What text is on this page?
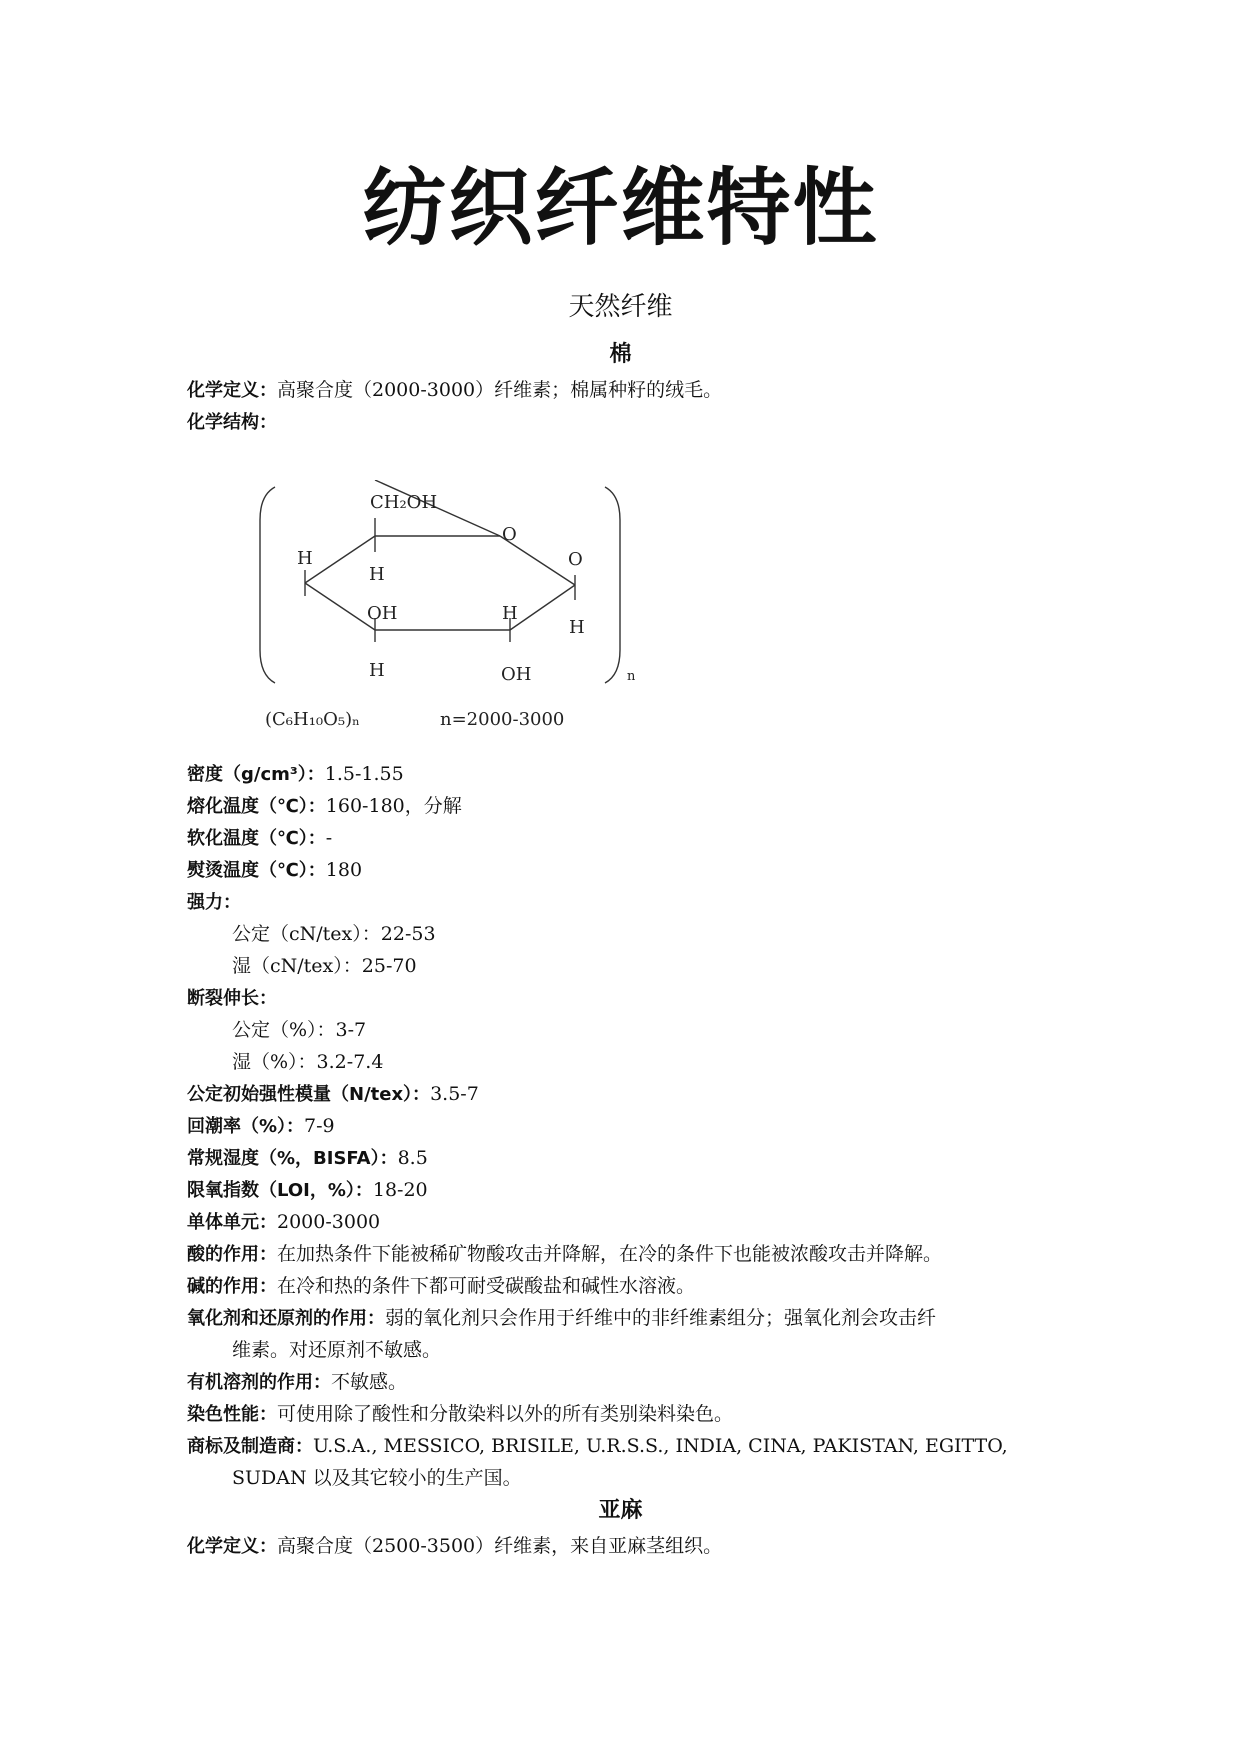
纺织纤维特性
天然纤维
棉
化学定义：高聚合度（2000-3000）纤维素；棉属种籽的绒毛。
化学结构：
CH₂OH
O
O
H
H
OH	H
H
H	OH	n
(C₆H₁₀O₅)ₙ	n=2000-3000
密度（g/cm³）：1.5-1.55
熔化温度（℃）：160-180，分解
软化温度（℃）：-
熨烫温度（℃）：180
强力：
公定（cN/tex）：22-53
湿（cN/tex）：25-70
断裂伸长：
公定（%）：3-7
湿（%）：3.2-7.4
公定初始强性模量（N/tex）：3.5-7
回潮率（%）：7-9
常规湿度（%，BISFA）：8.5
限氧指数（LOI，%）：18-20
单体单元：2000-3000
酸的作用：在加热条件下能被稀矿物酸攻击并降解，在冷的条件下也能被浓酸攻击并降解。
碱的作用：在冷和热的条件下都可耐受碳酸盐和碱性水溶液。
氧化剂和还原剂的作用：弱的氧化剂只会作用于纤维中的非纤维素组分；强氧化剂会攻击纤
维素。对还原剂不敏感。
有机溶剂的作用：不敏感。
染色性能：可使用除了酸性和分散染料以外的所有类别染料染色。
商标及制造商：U.S.A., MESSICO, BRISILE, U.R.S.S., INDIA, CINA, PAKISTAN, EGITTO,
SUDAN 以及其它较小的生产国。
亚麻
化学定义：高聚合度（2500-3500）纤维素，来自亚麻茎组织。
